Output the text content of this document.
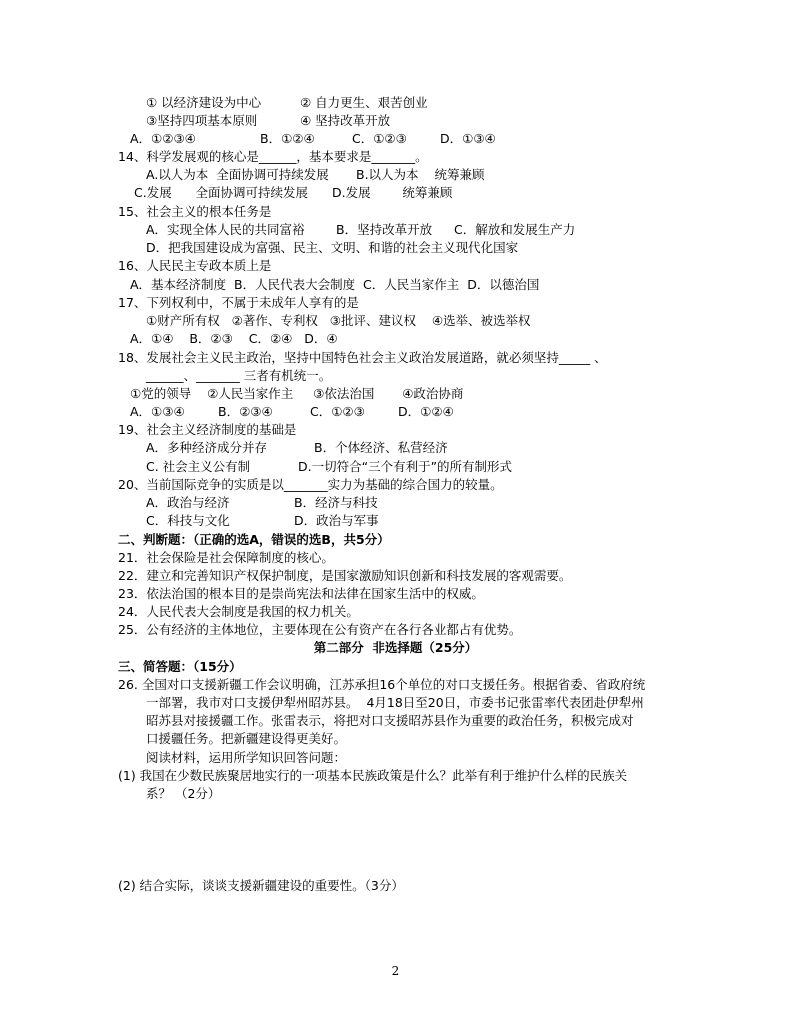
① 以经济建设为中心	② 自力更生、艰苦创业
③坚持四项基本原则	④ 坚持改革开放
A．①②③④	B．①②④	C．①②③	D．①③④
14、科学发展观的核心是______，基本要求是_______。
A.以人为本  全面协调可持续发展 B.以人为本    统筹兼顾
C.发展      全面协调可持续发展 D.发展        统筹兼顾
15、社会主义的根本任务是
A．实现全体人民的共同富裕	B．坚持改革开放 C．解放和发展生产力
D．把我国建设成为富强、民主、文明、和谐的社会主义现代化国家
16、人民民主专政本质上是
A．基本经济制度  B．人民代表大会制度  C．人民当家作主  D．以德治国
17、下列权利中，不属于未成年人享有的是
①财产所有权   ②著作、专利权   ③批评、建议权    ④选举、被选举权
A．①④    B．②③    C．②④   D．④
18、发展社会主义民主政治，坚持中国特色社会主义政治发展道路，就必须坚持_____ 、
______、_______ 三者有机统一。
①党的领导    ②人民当家作主     ③依法治国       ④政治协商
A．①③④	B．②③④	C．①②③	D．①②④
19、社会主义经济制度的基础是
A．多种经济成分并存	B．个体经济、私营经济
C. 社会主义公有制	D.一切符合“三个有利于”的所有制形式
20、当前国际竞争的实质是以_______实力为基础的综合国力的较量。
A．政治与经济	B．经济与科技
C．科技与文化	D．政治与军事
二、判断题：（正确的选A，错误的选B，共5分）
21．社会保险是社会保障制度的核心。
22．建立和完善知识产权保护制度，是国家激励知识创新和科技发展的客观需要。
23．依法治国的根本目的是崇尚宪法和法律在国家生活中的权威。
24．人民代表大会制度是我国的权力机关。
25．公有经济的主体地位，主要体现在公有资产在各行各业都占有优势。
第二部分  非选择题（25分）
三、简答题：（15分）
26. 全国对口支援新疆工作会议明确，江苏承担16个单位的对口支援任务。根据省委、省政府统
一部署，我市对口支援伊犁州昭苏县。  4月18日至20日，市委书记张雷率代表团赴伊犁州
昭苏县对接援疆工作。张雷表示，将把对口支援昭苏县作为重要的政治任务，积极完成对
口援疆任务。把新疆建设得更美好。
阅读材料，运用所学知识回答问题：
(1) 我国在少数民族聚居地实行的一项基本民族政策是什么？此举有利于维护什么样的民族关
系？ （2分）
(2) 结合实际，谈谈支援新疆建设的重要性。（3分）
2
